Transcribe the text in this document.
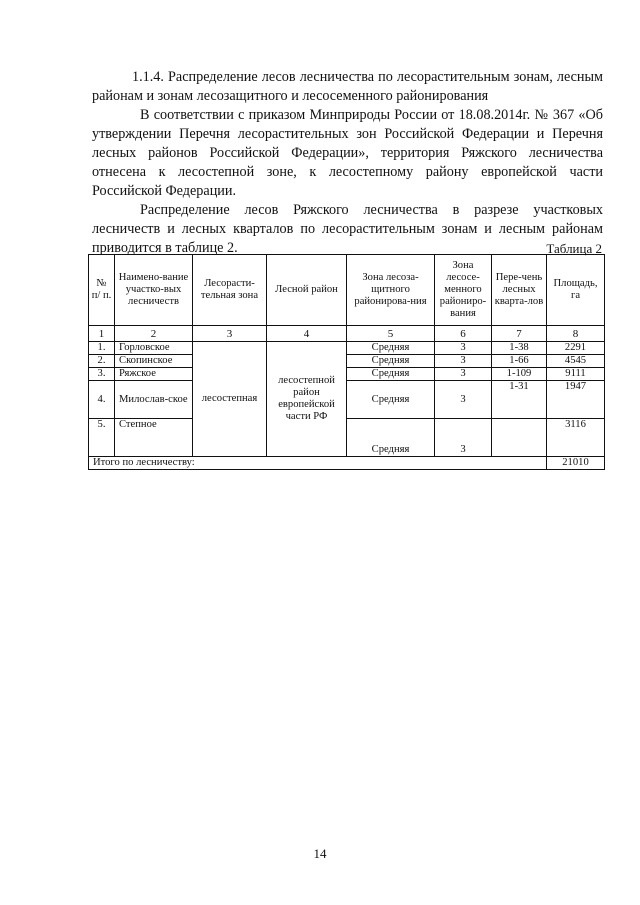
1.1.4. Распределение лесов лесничества по лесорастительным зонам, лесным районам и зонам лесозащитного и лесосеменного районирования

В соответствии с приказом Минприроды России от 18.08.2014г. № 367 «Об утверждении Перечня лесорастительных зон Российской Федерации и Перечня лесных районов Российской Федерации», территория Ряжского лесничества отнесена к лесостепной зоне, к лесостепному району европейской части Российской Федерации.

Распределение лесов Ряжского лесничества в разрезе участковых лесничеств и лесных кварталов по лесорастительным зонам и лесным районам приводится в таблице 2.	Таблица 2
№ п/ п.	Наимено-вание участко-вых лесничеств	Лесорасти-тельная зона	Лесной район	Зона лесоза-щитного районирова-ния	Зона лесосе-менного райониро-вания	Пере-чень лесных кварта-лов	Площадь, га
1	2	3	4	5	6	7	8
1.	Горловское	лесостепная	лесостепной район европейской части РФ	Средняя	3	1-38	2291
2.	Скопинское			Средняя	3	1-66	4545
3.	Ряжское			Средняя	3	1-109	9111
4.	Милослав-ское			Средняя	3	1-31	1947
5.	Степное			Средняя	3		3116
Итого по лесничеству:							21010
14
